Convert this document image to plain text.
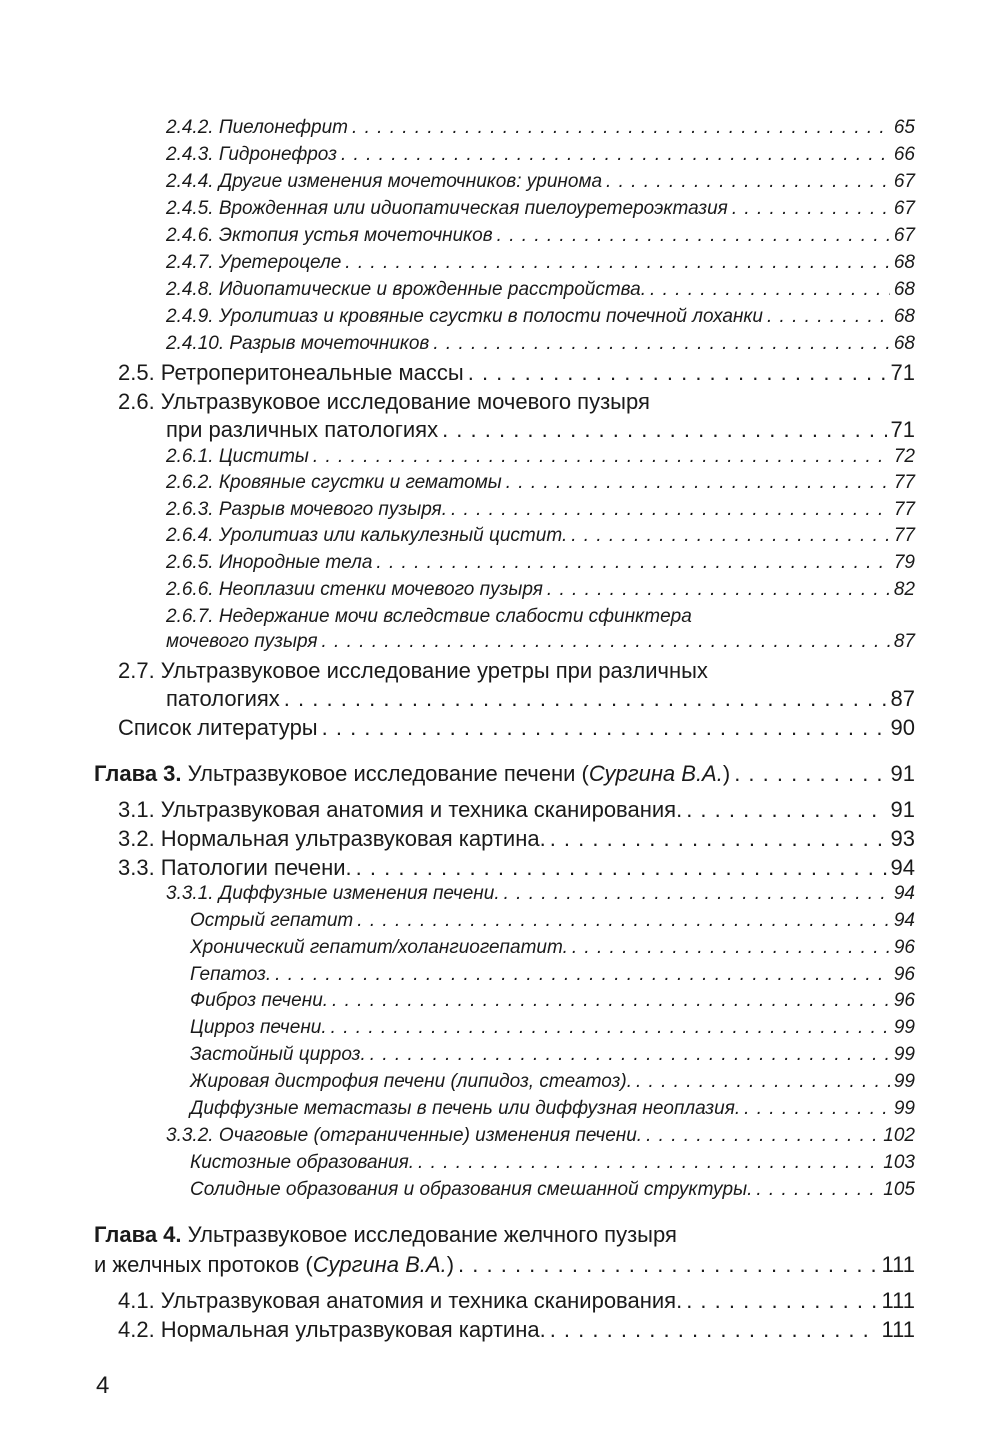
2.4.2. Пиелонефрит . . .	65
2.4.3. Гидронефроз . . .	66
2.4.4. Другие изменения мочеточников: уринома . . .	67
2.4.5. Врожденная или идиопатическая пиелоуретероэктазия . . .	67
2.4.6. Эктопия устья мочеточников . . .	67
2.4.7. Уретероцеле . . .	68
2.4.8. Идиопатические и врожденные расстройства. . . .	68
2.4.9. Уролитиаз и кровяные сгустки в полости почечной лоханки . . .	68
2.4.10. Разрыв мочеточников . . .	68
2.5. Ретроперитонеальные массы . . .	71
2.6. Ультразвуковое исследование мочевого пузыря
при различных патологиях . . .	71
2.6.1. Циститы . . .	72
2.6.2. Кровяные сгустки и гематомы . . .	77
2.6.3. Разрыв мочевого пузыря. . . .	77
2.6.4. Уролитиаз или калькулезный цистит. . . .	77
2.6.5. Инородные тела . . .	79
2.6.6. Неоплазии стенки мочевого пузыря . . .	82
2.6.7. Недержание мочи вследствие слабости сфинктера
мочевого пузыря . . .	87
2.7. Ультразвуковое исследование уретры при различных
патологиях . . .	87
Список литературы . . .	90
Глава 3. Ультразвуковое исследование печени (Сургина В.А.) . . .	91
3.1. Ультразвуковая анатомия и техника сканирования. . . .	91
3.2. Нормальная ультразвуковая картина. . . .	93
3.3. Патологии печени. . . .	94
3.3.1. Диффузные изменения печени. . . .	94
Острый гепатит . . .	94
Хронический гепатит/холангиогепатит. . . .	96
Гепатоз. . . .	96
Фиброз печени. . . .	96
Цирроз печени. . . .	99
Застойный цирроз. . . .	99
Жировая дистрофия печени (липидоз, стеатоз). . . .	99
Диффузные метастазы в печень или диффузная неоплазия. . . .	99
3.3.2. Очаговые (отграниченные) изменения печени. . . .	102
Кистозные образования. . . .	103
Солидные образования и образования смешанной структуры. . . .	105
Глава 4. Ультразвуковое исследование желчного пузыря
и желчных протоков (Сургина В.А.) . . .	111
4.1. Ультразвуковая анатомия и техника сканирования. . . .	111
4.2. Нормальная ультразвуковая картина. . . .	111
4
